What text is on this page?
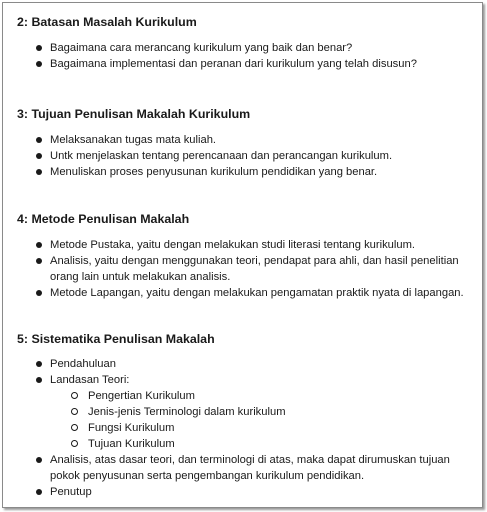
2: Batasan Masalah Kurikulum

Bagaimana cara merancang kurikulum yang baik dan benar?
Bagaimana implementasi dan peranan dari kurikulum yang telah disusun?

3: Tujuan Penulisan Makalah Kurikulum

Melaksanakan tugas mata kuliah.
Untk menjelaskan tentang perencanaan dan perancangan kurikulum.
Menuliskan proses penyusunan kurikulum pendidikan yang benar.

4: Metode Penulisan Makalah

Metode Pustaka, yaitu dengan melakukan studi literasi tentang kurikulum.
Analisis, yaitu dengan menggunakan teori, pendapat para ahli, dan hasil penelitian orang lain untuk melakukan analisis.
Metode Lapangan, yaitu dengan melakukan pengamatan praktik nyata di lapangan.

5: Sistematika Penulisan Makalah

Pendahuluan
Landasan Teori:
Pengertian Kurikulum
Jenis-jenis Terminologi dalam kurikulum
Fungsi Kurikulum
Tujuan Kurikulum
Analisis, atas dasar teori, dan terminologi di atas, maka dapat dirumuskan tujuan pokok penyusunan serta pengembangan kurikulum pendidikan.
Penutup
